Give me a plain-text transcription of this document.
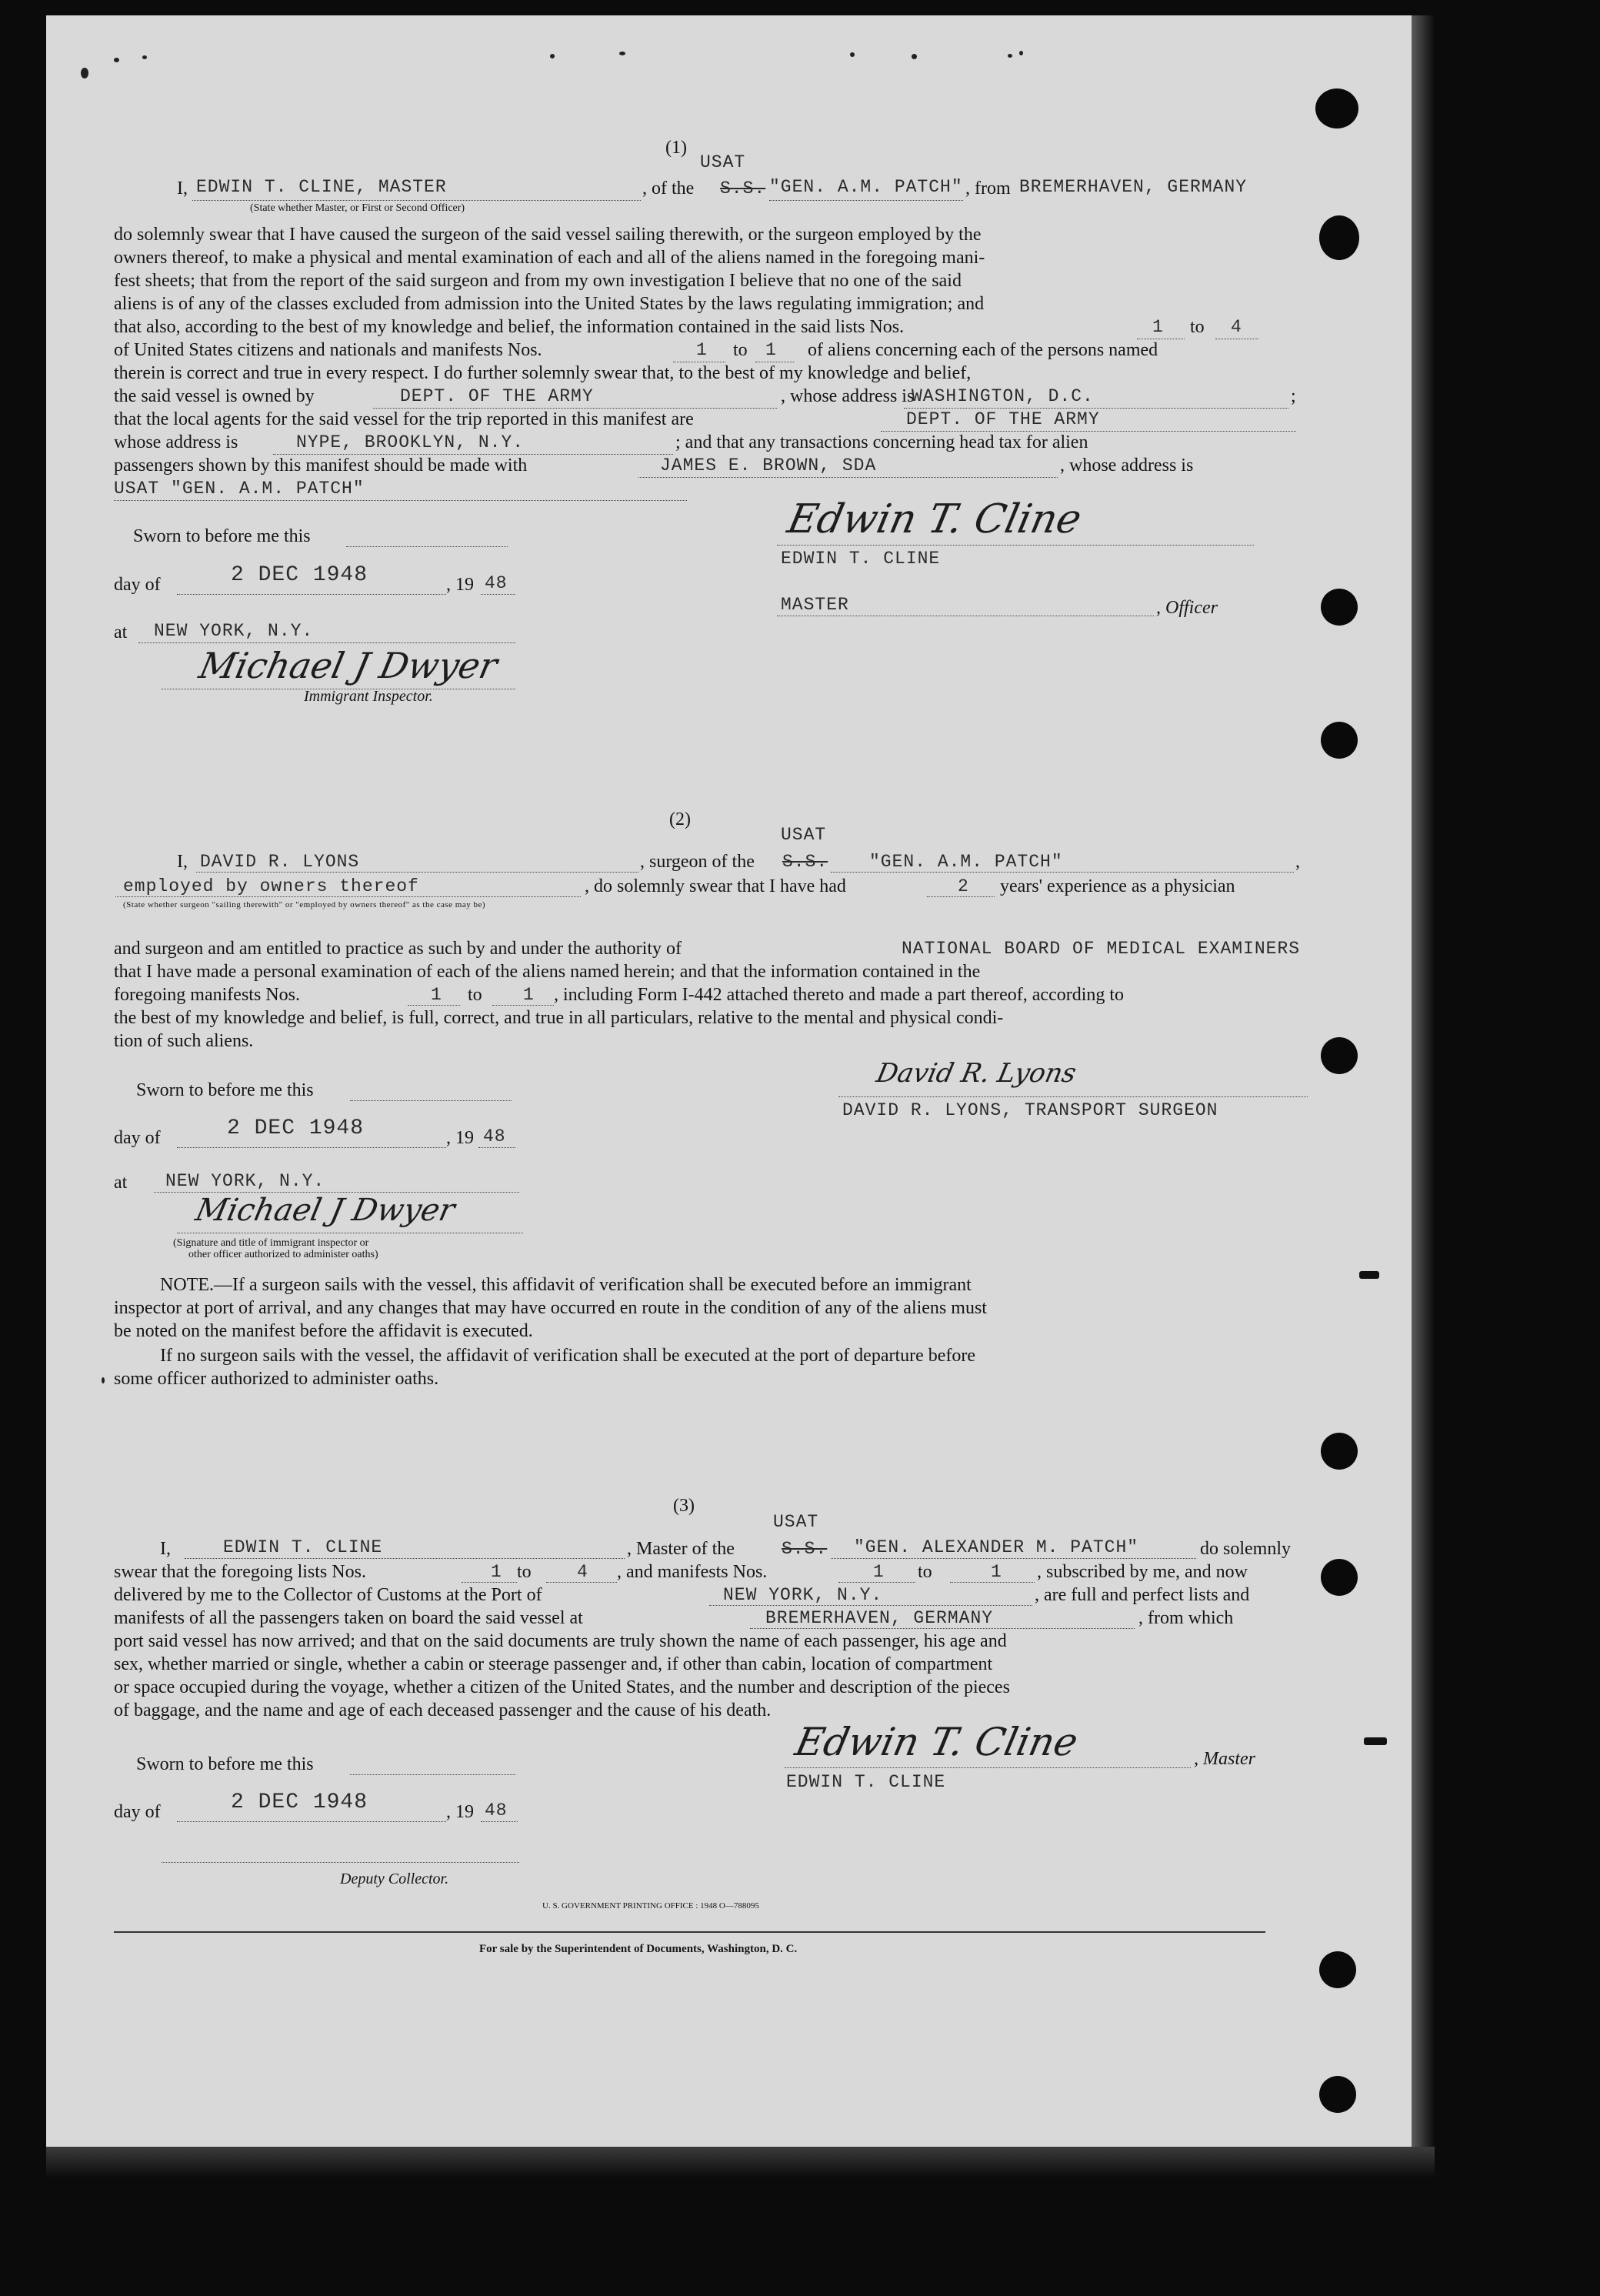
(1)
USAT
I, EDWIN T. CLINE, MASTER
(State whether Master, or First or Second Officer)
, of the S.S. "GEN. A.M. PATCH" , from BREMERHAVEN, GERMANY
do solemnly swear that I have caused the surgeon of the said vessel sailing therewith, or the surgeon employed by the
owners thereof, to make a physical and mental examination of each and all of the aliens named in the foregoing mani-
fest sheets; that from the report of the said surgeon and from my own investigation I believe that no one of the said
aliens is of any of the classes excluded from admission into the United States by the laws regulating immigration; and
that also, according to the best of my knowledge and belief, the information contained in the said lists Nos.	1 to 4
of United States citizens and nationals and manifests Nos.	1 to 1 of aliens concerning each of the persons named
therein is correct and true in every respect. I do further solemnly swear that, to the best of my knowledge and belief,
the said vessel is owned by	DEPT. OF THE ARMY	, whose address is
WASHINGTON, D.C.	;
that the local agents for the said vessel for the trip reported in this manifest are	DEPT. OF THE ARMY
whose address is	NYPE, BROOKLYN, N.Y.	; and that any transactions concerning head tax for alien
passengers shown by this manifest should be made with	JAMES E. BROWN, SDA	, whose address is
USAT "GEN. A.M. PATCH"
Sworn to before me this
day of	2 DEC 1948	, 19 48
at NEW YORK, N.Y.
Michael J Dwyer
Immigrant Inspector.
Edwin T. Cline
EDWIN T. CLINE
MASTER	, Officer
(2)
USAT
I, DAVID R. LYONS	, surgeon of the S.S. "GEN. A.M. PATCH"	,
employed by owners thereof
(State whether surgeon "sailing therewith" or "employed by owners thereof" as the case may be)
, do solemnly swear that I have had	2 years' experience as a physician
and surgeon and am entitled to practice as such by and under the authority of	NATIONAL BOARD OF MEDICAL EXAMINERS
that I have made a personal examination of each of the aliens named herein; and that the information contained in the
foregoing manifests Nos.	1 to 1 , including Form I-442 attached thereto and made a part thereof, according to
the best of my knowledge and belief, is full, correct, and true in all particulars, relative to the mental and physical condi-
tion of such aliens.
David R. Lyons
DAVID R. LYONS, TRANSPORT SURGEON
Sworn to before me this
day of	2 DEC 1948	, 19 48
at NEW YORK, N.Y.
Michael J Dwyer
(Signature and title of immigrant inspector or
other officer authorized to administer oaths)
NOTE.—If a surgeon sails with the vessel, this affidavit of verification shall be executed before an immigrant
inspector at port of arrival, and any changes that may have occurred en route in the condition of any of the aliens must
be noted on the manifest before the affidavit is executed.
If no surgeon sails with the vessel, the affidavit of verification shall be executed at the port of departure before
some officer authorized to administer oaths.
(3)
USAT
I,	EDWIN T. CLINE	, Master of the	S.S. "GEN. ALEXANDER M. PATCH"	do solemnly
swear that the foregoing lists Nos.	1 to	4 , and manifests Nos.	1 to	1 , subscribed by me, and now
delivered by me to the Collector of Customs at the Port of	NEW YORK, N.Y.	, are full and perfect lists and
manifests of all the passengers taken on board the said vessel at	BREMERHAVEN, GERMANY	, from which
port said vessel has now arrived; and that on the said documents are truly shown the name of each passenger, his age and
sex, whether married or single, whether a cabin or steerage passenger and, if other than cabin, location of compartment
or space occupied during the voyage, whether a citizen of the United States, and the number and description of the pieces
of baggage, and the name and age of each deceased passenger and the cause of his death.
Sworn to before me this
day of	2 DEC 1948	, 19 48
Deputy Collector.
Edwin T. Cline	, Master
EDWIN T. CLINE
U. S. GOVERNMENT PRINTING OFFICE : 1948 O—788095
For sale by the Superintendent of Documents, Washington, D. C.
